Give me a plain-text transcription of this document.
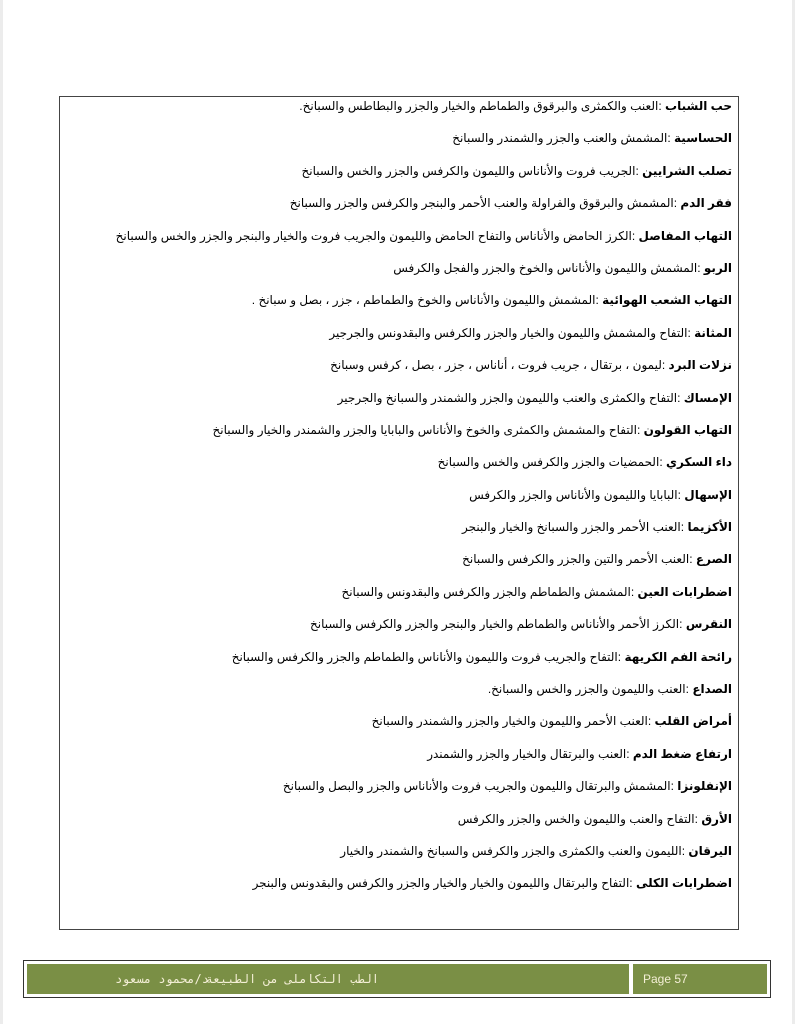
حب الشباب :العنب والكمثرى والبرقوق والطماطم والخيار والجزر والبطاطس والسبانخ.
الحساسية :المشمش والعنب والجزر والشمندر والسبانخ
تصلب الشرايين :الجريب فروت والأناناس والليمون والكرفس والجزر والخس والسبانخ
فقر الدم :المشمش والبرقوق والفراولة والعنب الأحمر والبنجر والكرفس والجزر والسبانخ
التهاب المفاصل :الكرز الحامض والأناناس والتفاح الحامض والليمون والجريب فروت والخيار والبنجر والجزر والخس والسبانخ
الربو :المشمش والليمون والأناناس والخوخ والجزر والفجل والكرفس
التهاب الشعب الهوائية :المشمش والليمون والأناناس والخوخ والطماطم ، جزر ، بصل و سبانخ .
المثانة :التفاح والمشمش والليمون والخيار والجزر والكرفس والبقدونس والجرجير
نزلات البرد :ليمون ، برتقال ، جريب فروت ، أناناس ، جزر ، بصل ، كرفس وسبانخ
الإمساك :التفاح والكمثرى والعنب والليمون والجزر والشمندر والسبانخ والجرجير
التهاب القولون :التفاح والمشمش والكمثرى والخوخ والأناناس والبابايا والجزر والشمندر والخيار والسبانخ
داء السكري :الحمضيات والجزر والكرفس والخس والسبانخ
الإسهال :البابايا والليمون والأناناس والجزر والكرفس
الأكزيما :العنب الأحمر والجزر والسبانخ والخيار والبنجر
الصرع :العنب الأحمر والتين والجزر والكرفس والسبانخ
اضطرابات العين :المشمش والطماطم والجزر والكرفس والبقدونس والسبانخ
النقرس :الكرز الأحمر والأناناس والطماطم والخيار والبنجر والجزر والكرفس والسبانخ
رائحة الفم الكريهة :التفاح والجريب فروت والليمون والأناناس والطماطم والجزر والكرفس والسبانخ
الصداع :العنب والليمون والجزر والخس والسبانخ.
أمراض القلب :العنب الأحمر والليمون والخيار والجزر والشمندر والسبانخ
ارتفاع ضغط الدم :العنب والبرتقال والخيار والجزر والشمندر
الإنفلونزا :المشمش والبرتقال والليمون والجريب فروت والأناناس والجزر والبصل والسبانخ
الأرق :التفاح والعنب والليمون والخس والجزر والكرفس
اليرقان :الليمون والعنب والكمثرى والجزر والكرفس والسبانخ والشمندر والخيار
اضطرابات الكلى :التفاح والبرتقال والليمون والخيار والخيار والجزر والكرفس والبقدونس والبنجر
الطب التكاملى من الطبيعة
د/محمود مسعود	Page 57
